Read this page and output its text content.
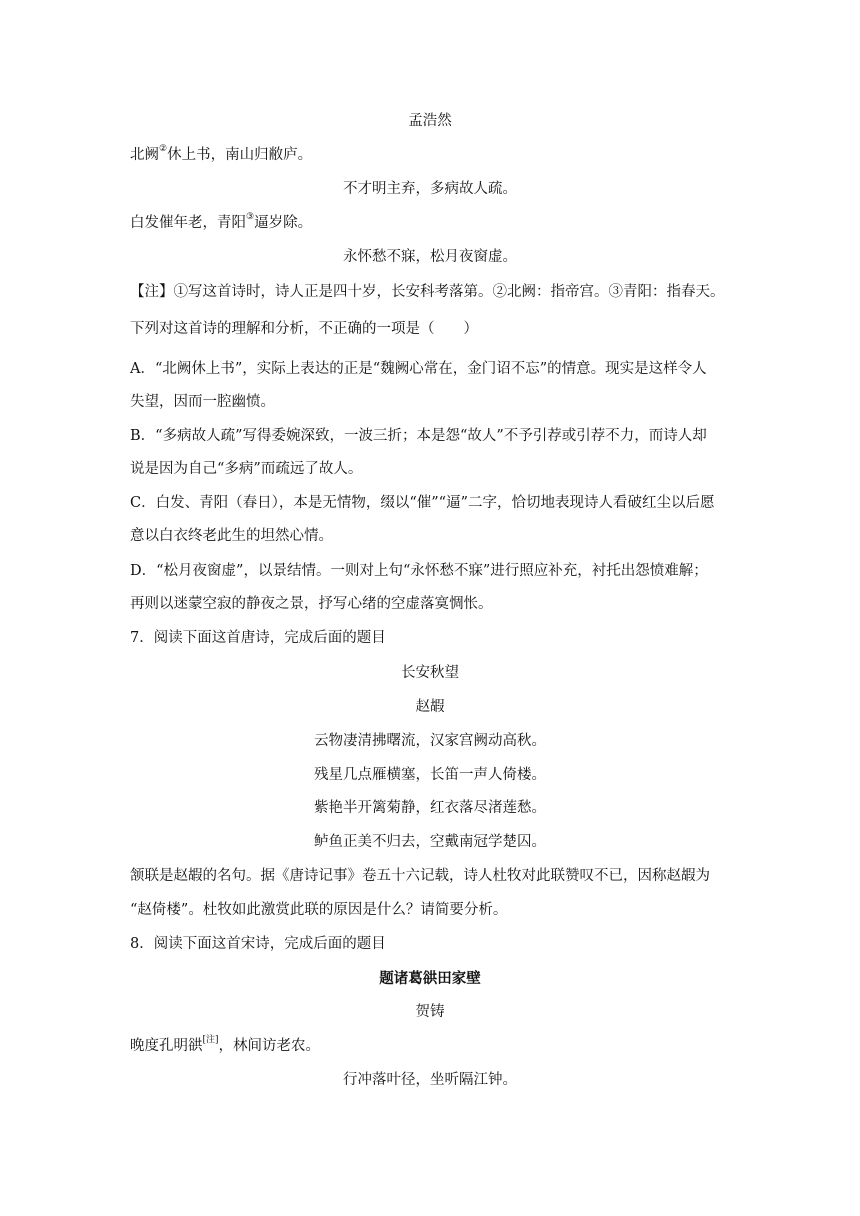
孟浩然
北阙②休上书，南山归敝庐。
不才明主弃，多病故人疏。
白发催年老，青阳③逼岁除。
永怀愁不寐，松月夜窗虚。
【注】①写这首诗时，诗人正是四十岁，长安科考落第。②北阙：指帝宫。③青阳：指春天。
下列对这首诗的理解和分析，不正确的一项是（　　）
A．“北阙休上书”，实际上表达的正是“魏阙心常在，金门诏不忘”的情意。现实是这样令人
失望，因而一腔幽愤。
B．“多病故人疏”写得委婉深致，一波三折；本是怨“故人”不予引荐或引荐不力，而诗人却
说是因为自己“多病”而疏远了故人。
C．白发、青阳（春日），本是无情物，缀以“催”“逼”二字，恰切地表现诗人看破红尘以后愿
意以白衣终老此生的坦然心情。
D．“松月夜窗虚”，以景结情。一则对上句“永怀愁不寐”进行照应补充，衬托出怨愤难解；
再则以迷蒙空寂的静夜之景，抒写心绪的空虚落寞惆怅。
7．阅读下面这首唐诗，完成后面的题目
长安秋望
赵嘏
云物凄清拂曙流，汉家宫阙动高秋。
残星几点雁横塞，长笛一声人倚楼。
紫艳半开篱菊静，红衣落尽渚莲愁。
鲈鱼正美不归去，空戴南冠学楚囚。
颔联是赵嘏的名句。据《唐诗记事》卷五十六记载，诗人杜牧对此联赞叹不已，因称赵嘏为
“赵倚楼”。杜牧如此激赏此联的原因是什么？请简要分析。
8．阅读下面这首宋诗，完成后面的题目
题诸葛谼田家壁
贺铸
晚度孔明谼[注]，林间访老农。
行冲落叶径，坐听隔江钟。
